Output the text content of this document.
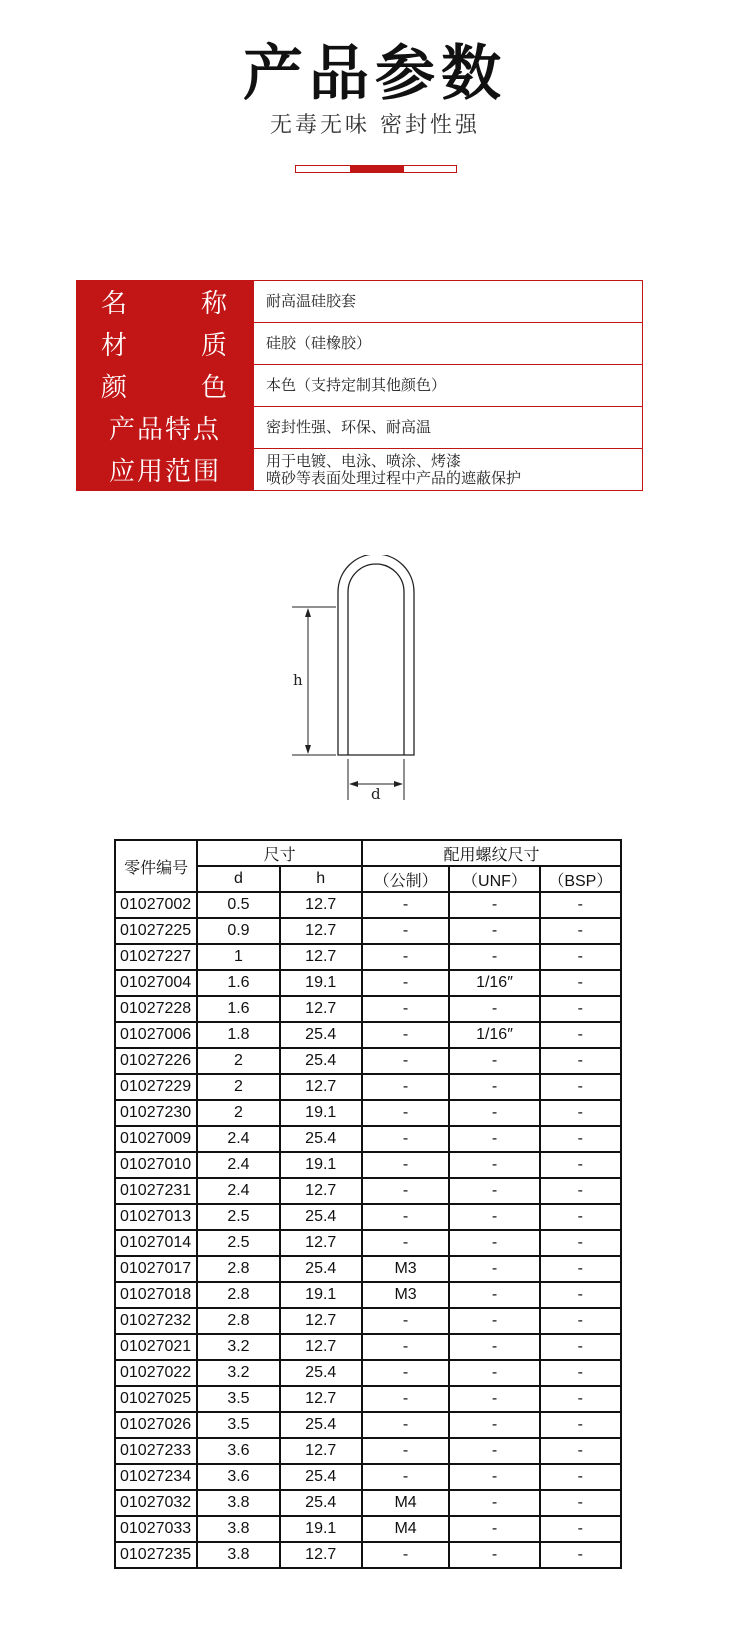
产品参数
无毒无味 密封性强
名 称	耐高温硅胶套

材 质	硅胶（硅橡胶）

颜 色	本色（支持定制其他颜色）
产品特点	密封性强、环保、耐高温
应用范围	用于电镀、电泳、喷涂、烤漆
喷砂等表面处理过程中产品的遮蔽保护
h
d
零件编号	尺寸		配用螺纹尺寸		
	d	h	（公制）	（UNF）	（BSP）
01027002	0.5	12.7	-	-	-
01027225	0.9	12.7	-	-	-
01027227	1	12.7	-	-	-
01027004	1.6	19.1	-	1/16″	-
01027228	1.6	12.7	-	-	-
01027006	1.8	25.4	-	1/16″	-
01027226	2	25.4	-	-	-
01027229	2	12.7	-	-	-
01027230	2	19.1	-	-	-
01027009	2.4	25.4	-	-	-
01027010	2.4	19.1	-	-	-
01027231	2.4	12.7	-	-	-
01027013	2.5	25.4	-	-	-
01027014	2.5	12.7	-	-	-
01027017	2.8	25.4	M3	-	-
01027018	2.8	19.1	M3	-	-
01027232	2.8	12.7	-	-	-
01027021	3.2	12.7	-	-	-
01027022	3.2	25.4	-	-	-
01027025	3.5	12.7	-	-	-
01027026	3.5	25.4	-	-	-
01027233	3.6	12.7	-	-	-
01027234	3.6	25.4	-	-	-
01027032	3.8	25.4	M4	-	-
01027033	3.8	19.1	M4	-	-
01027235	3.8	12.7	-	-	-
